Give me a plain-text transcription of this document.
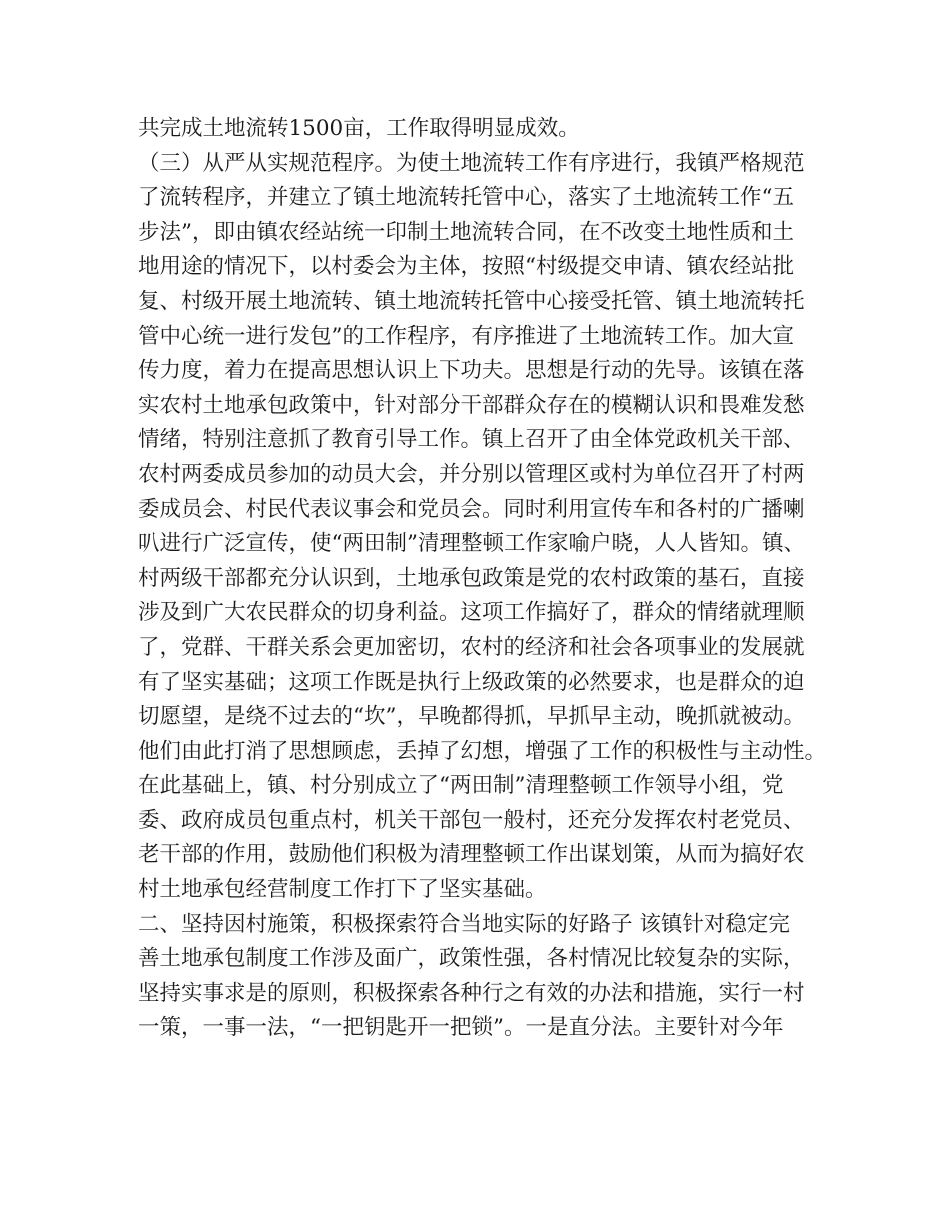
共完成土地流转1500亩，工作取得明显成效。
（三）从严从实规范程序。为使土地流转工作有序进行，我镇严格规范
了流转程序，并建立了镇土地流转托管中心，落实了土地流转工作“五
步法”，即由镇农经站统一印制土地流转合同，在不改变土地性质和土
地用途的情况下，以村委会为主体，按照“村级提交申请、镇农经站批
复、村级开展土地流转、镇土地流转托管中心接受托管、镇土地流转托
管中心统一进行发包”的工作程序，有序推进了土地流转工作。加大宣
传力度，着力在提高思想认识上下功夫。思想是行动的先导。该镇在落
实农村土地承包政策中，针对部分干部群众存在的模糊认识和畏难发愁
情绪，特别注意抓了教育引导工作。镇上召开了由全体党政机关干部、
农村两委成员参加的动员大会，并分别以管理区或村为单位召开了村两
委成员会、村民代表议事会和党员会。同时利用宣传车和各村的广播喇
叭进行广泛宣传，使“两田制”清理整顿工作家喻户晓，人人皆知。镇、
村两级干部都充分认识到，土地承包政策是党的农村政策的基石，直接
涉及到广大农民群众的切身利益。这项工作搞好了，群众的情绪就理顺
了，党群、干群关系会更加密切，农村的经济和社会各项事业的发展就
有了坚实基础；这项工作既是执行上级政策的必然要求，也是群众的迫
切愿望，是绕不过去的“坎”，早晚都得抓，早抓早主动，晚抓就被动。
他们由此打消了思想顾虑，丢掉了幻想，增强了工作的积极性与主动性。
在此基础上，镇、村分别成立了“两田制”清理整顿工作领导小组，党
委、政府成员包重点村，机关干部包一般村，还充分发挥农村老党员、
老干部的作用，鼓励他们积极为清理整顿工作出谋划策，从而为搞好农
村土地承包经营制度工作打下了坚实基础。
二、坚持因村施策，积极探索符合当地实际的好路子 该镇针对稳定完
善土地承包制度工作涉及面广，政策性强，各村情况比较复杂的实际，
坚持实事求是的原则，积极探索各种行之有效的办法和措施，实行一村
一策，一事一法，“一把钥匙开一把锁”。一是直分法。主要针对今年
